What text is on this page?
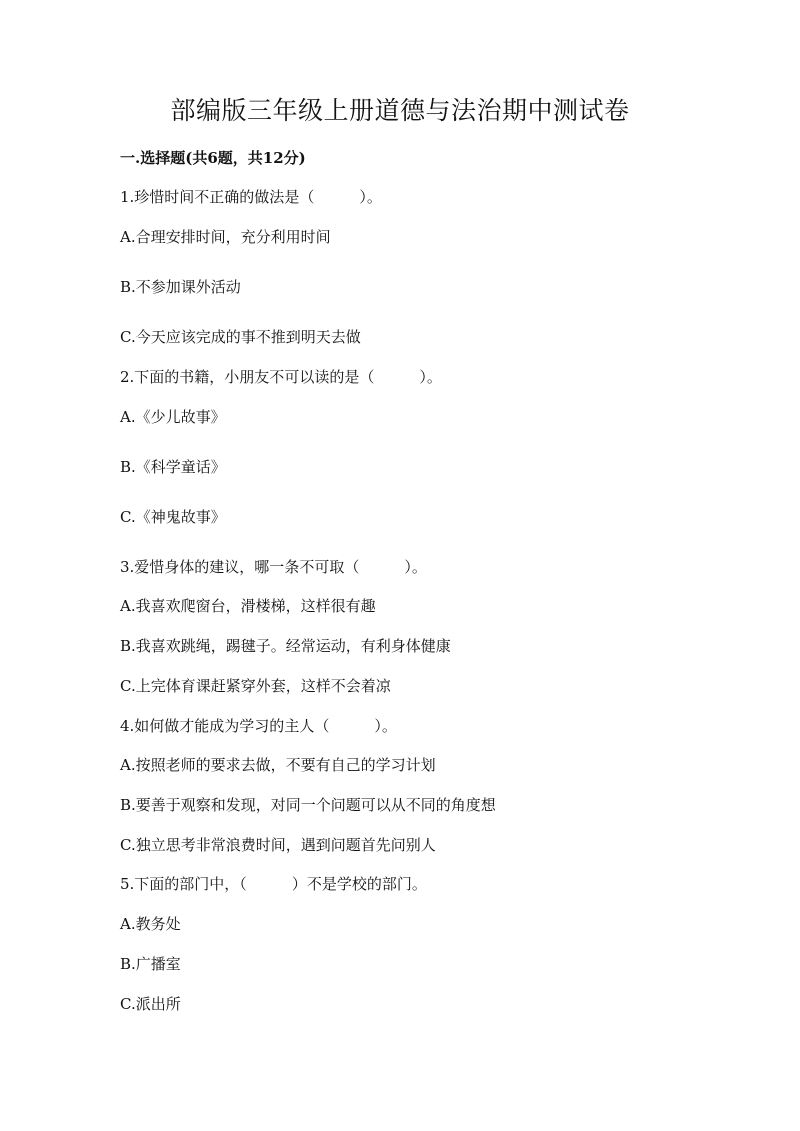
部编版三年级上册道德与法治期中测试卷
一.选择题(共6题，共12分)
1.珍惜时间不正确的做法是（　　　）。
A.合理安排时间，充分利用时间
B.不参加课外活动
C.今天应该完成的事不推到明天去做
2.下面的书籍，小朋友不可以读的是（　　　）。
A.《少儿故事》
B.《科学童话》
C.《神鬼故事》
3.爱惜身体的建议，哪一条不可取（　　　）。
A.我喜欢爬窗台，滑楼梯，这样很有趣
B.我喜欢跳绳，踢毽子。经常运动，有利身体健康
C.上完体育课赶紧穿外套，这样不会着凉
4.如何做才能成为学习的主人（　　　）。
A.按照老师的要求去做，不要有自己的学习计划
B.要善于观察和发现，对同一个问题可以从不同的角度想
C.独立思考非常浪费时间，遇到问题首先问别人
5.下面的部门中，（　　　）不是学校的部门。
A.教务处
B.广播室
C.派出所
